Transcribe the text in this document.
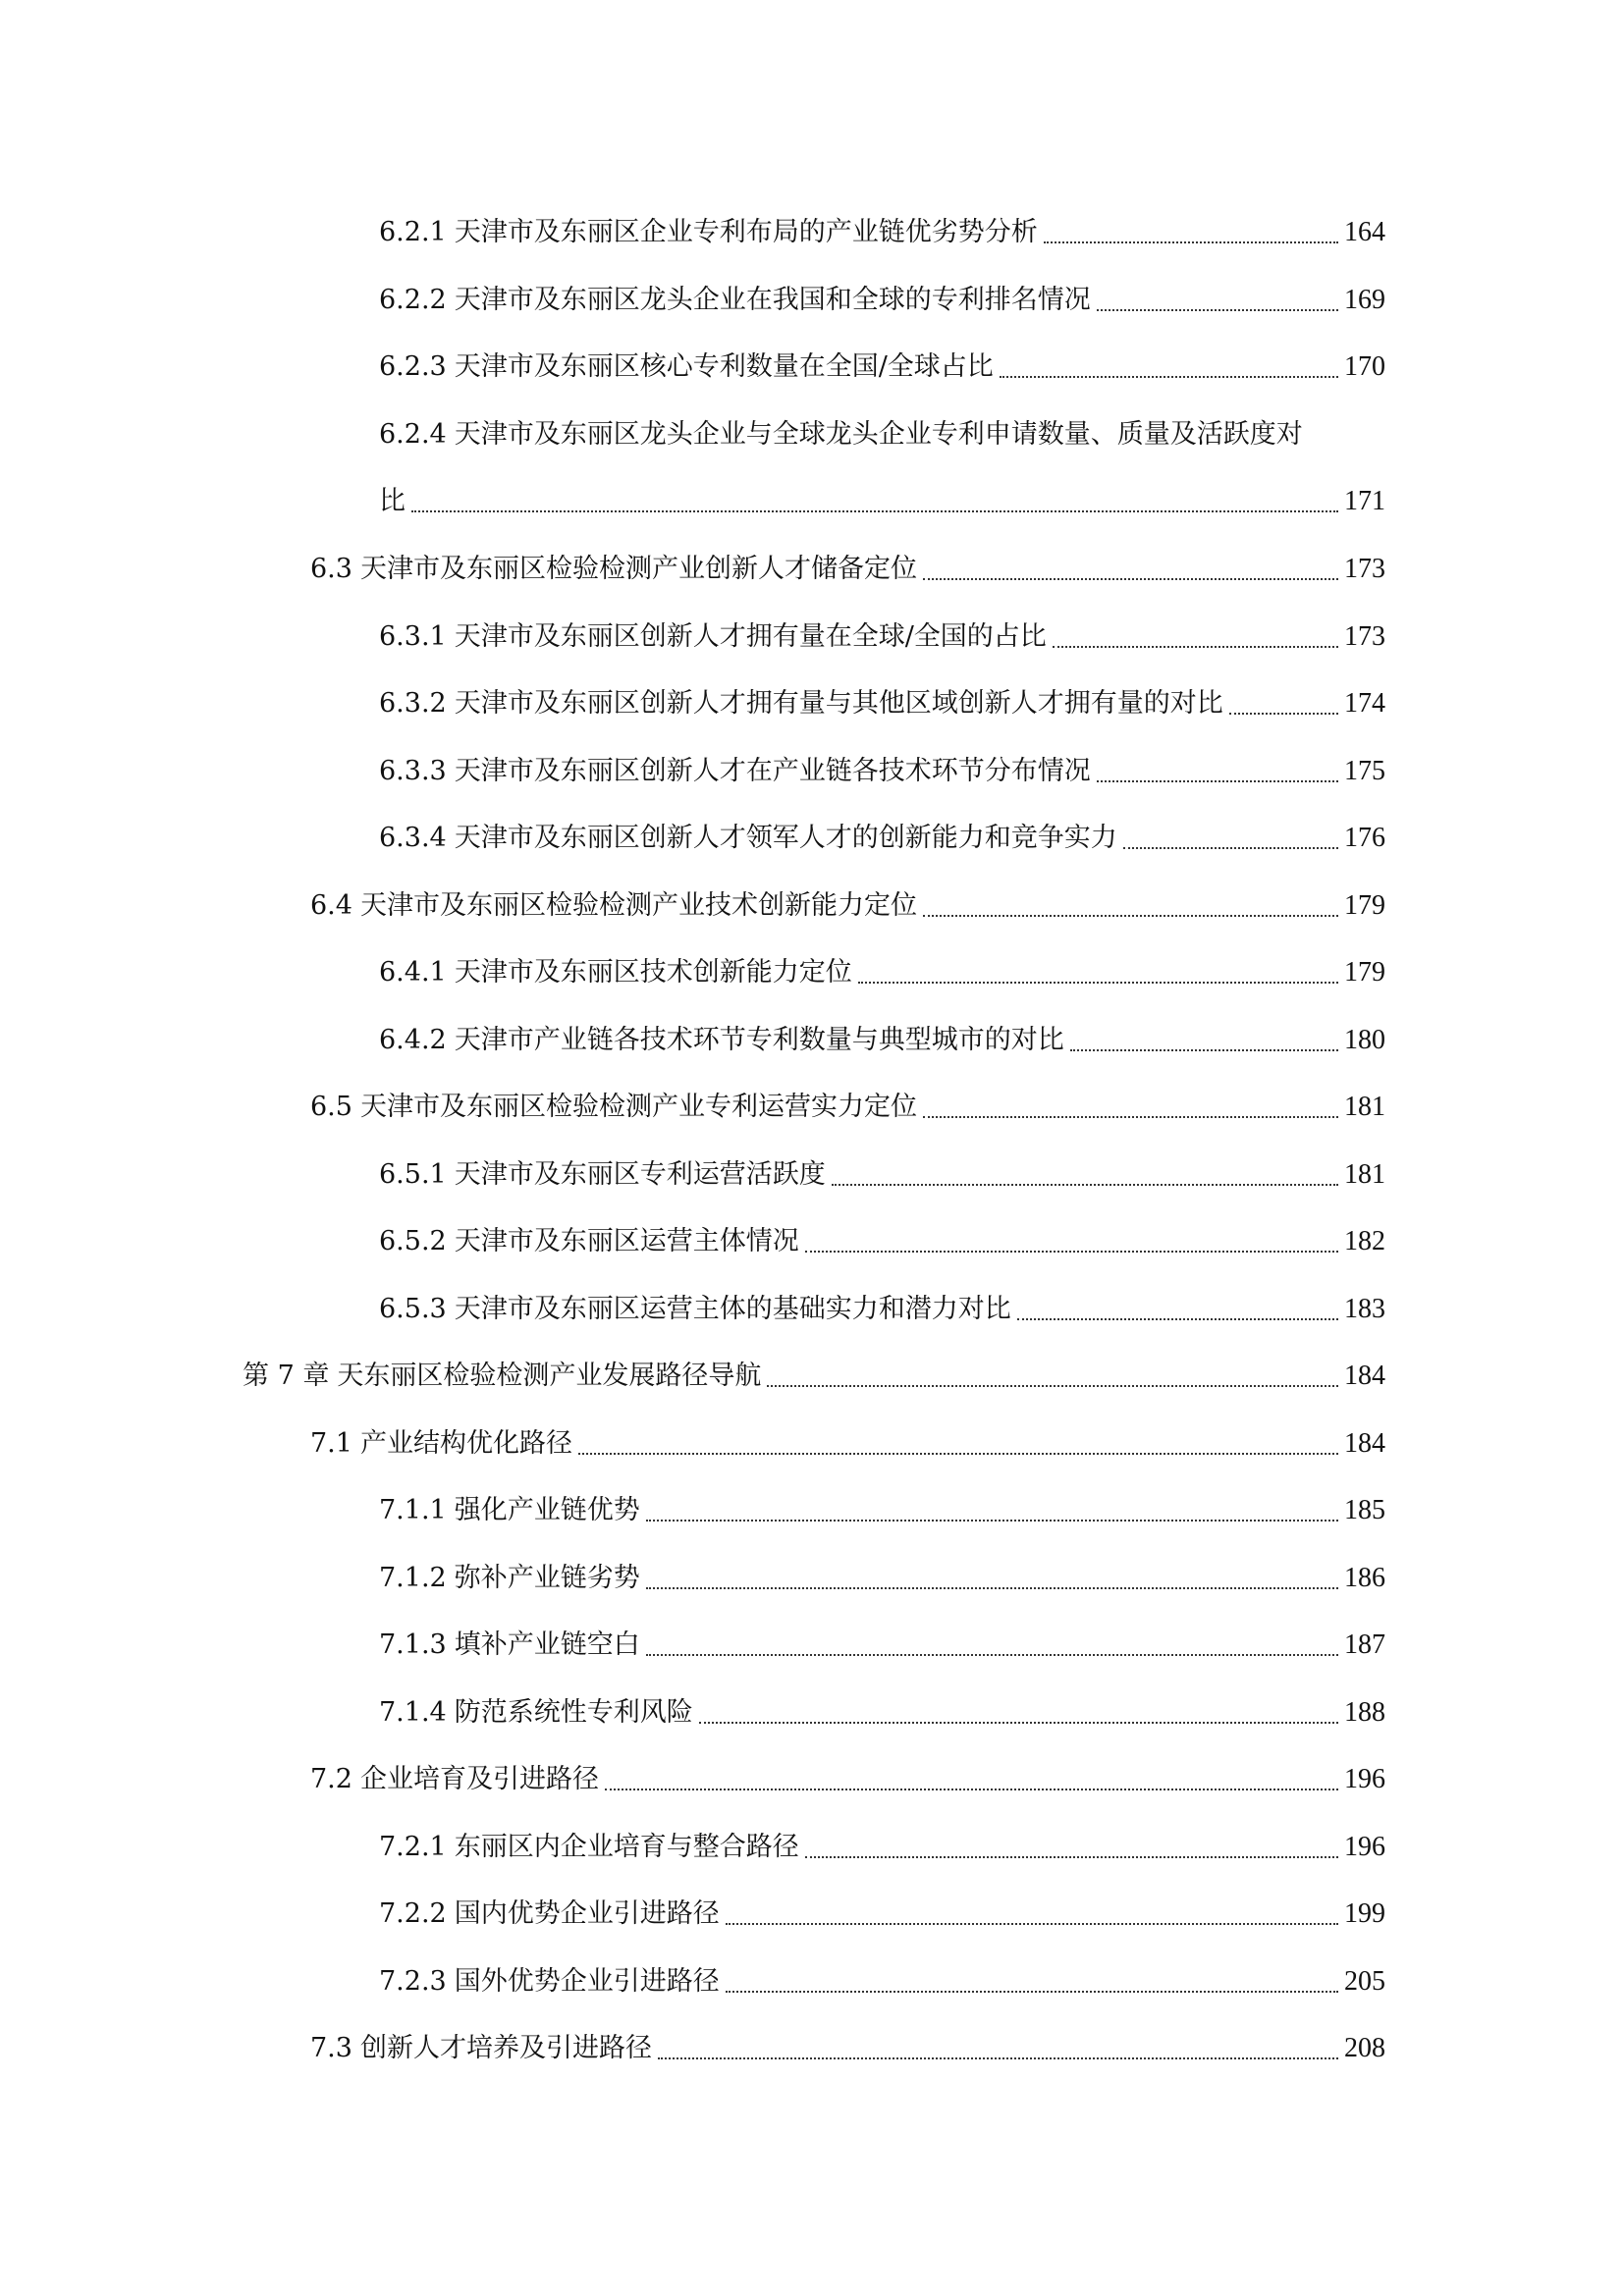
6.2.1 天津市及东丽区企业专利布局的产业链优劣势分析	164
6.2.2 天津市及东丽区龙头企业在我国和全球的专利排名情况	169
6.2.3 天津市及东丽区核心专利数量在全国/全球占比	170
6.2.4 天津市及东丽区龙头企业与全球龙头企业专利申请数量、质量及活跃度对
比	171
6.3 天津市及东丽区检验检测产业创新人才储备定位	173
6.3.1 天津市及东丽区创新人才拥有量在全球/全国的占比	173
6.3.2 天津市及东丽区创新人才拥有量与其他区域创新人才拥有量的对比	174
6.3.3 天津市及东丽区创新人才在产业链各技术环节分布情况	175
6.3.4 天津市及东丽区创新人才领军人才的创新能力和竞争实力	176
6.4 天津市及东丽区检验检测产业技术创新能力定位	179
6.4.1 天津市及东丽区技术创新能力定位	179
6.4.2 天津市产业链各技术环节专利数量与典型城市的对比	180
6.5 天津市及东丽区检验检测产业专利运营实力定位	181
6.5.1 天津市及东丽区专利运营活跃度	181
6.5.2 天津市及东丽区运营主体情况	182
6.5.3 天津市及东丽区运营主体的基础实力和潜力对比	183
第 7 章 天东丽区检验检测产业发展路径导航	184
7.1 产业结构优化路径	184
7.1.1 强化产业链优势	185
7.1.2 弥补产业链劣势	186
7.1.3 填补产业链空白	187
7.1.4 防范系统性专利风险	188
7.2 企业培育及引进路径	196
7.2.1 东丽区内企业培育与整合路径	196
7.2.2 国内优势企业引进路径	199
7.2.3 国外优势企业引进路径	205
7.3 创新人才培养及引进路径	208
